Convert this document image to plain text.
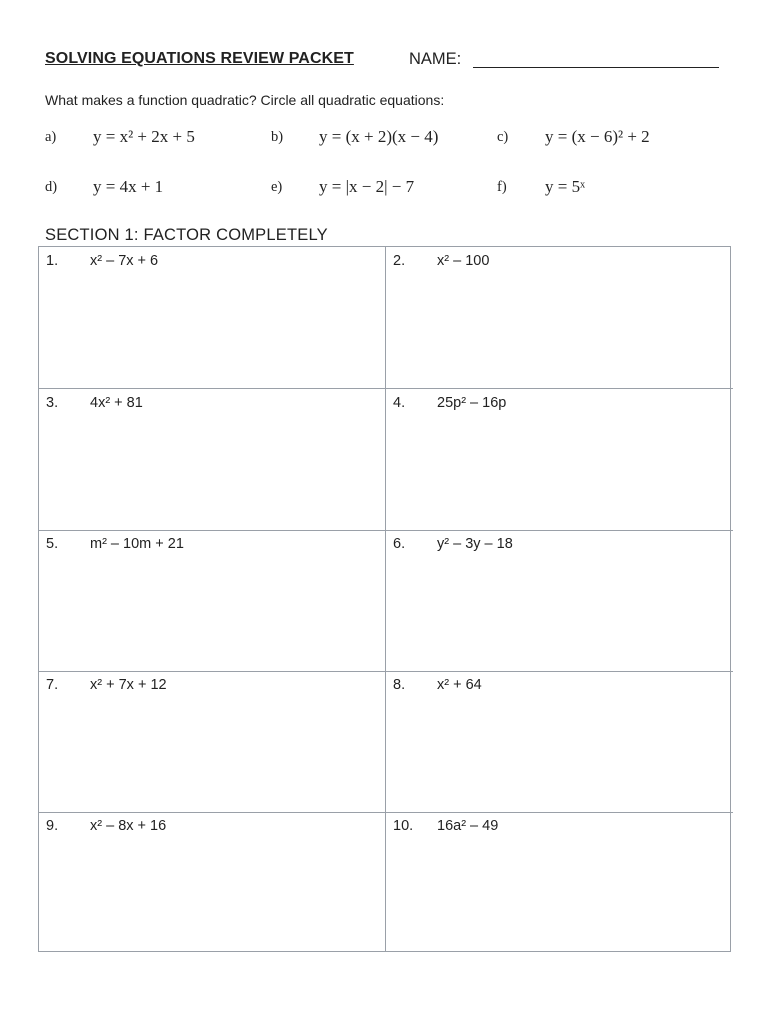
SOLVING EQUATIONS REVIEW PACKET	NAME:
What makes a function quadratic? Circle all quadratic equations:
a) y = x² + 2x + 5	b) y = (x + 2)(x − 4)	c) y = (x − 6)² + 2
d) y = 4x + 1	e) y = |x − 2| − 7	f) y = 5ˣ
SECTION 1: FACTOR COMPLETELY
1. x² – 7x + 6	2. x² – 100
3. 4x² + 81	4. 25p² – 16p
5. m² – 10m + 21	6. y² – 3y – 18
7. x² + 7x + 12	8. x² + 64
9. x² – 8x + 16	10. 16a² – 49
